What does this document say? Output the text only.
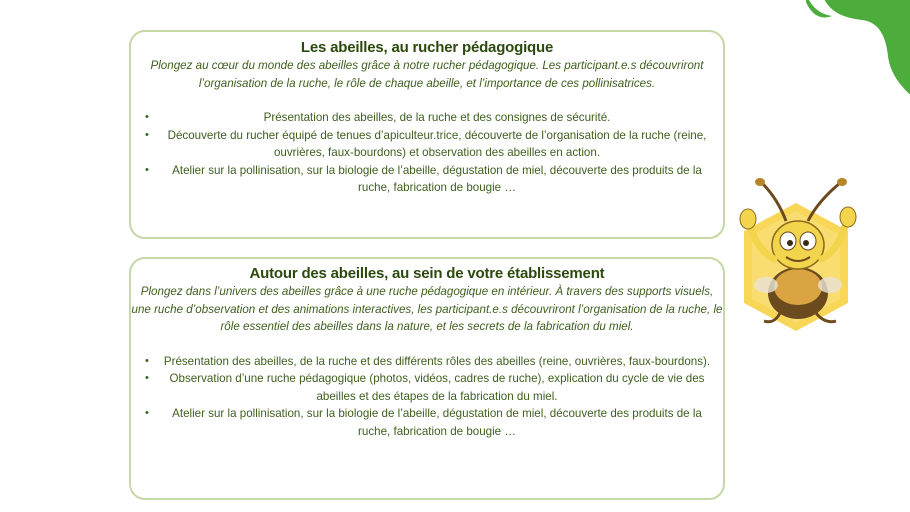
Les abeilles, au rucher pédagogique

Plongez au cœur du monde des abeilles grâce à notre rucher pédagogique. Les participant.e.s découvriront l’organisation de la ruche, le rôle de chaque abeille, et l’importance de ces pollinisatrices.

•	Présentation des abeilles, de la ruche et des consignes de sécurité.
• Découverte du rucher équipé de tenues d’apiculteur.trice, découverte de l’organisation de la ruche (reine, ouvrières, faux-bourdons) et observation des abeilles en action.
• Atelier sur la pollinisation, sur la biologie de l’abeille, dégustation de miel, découverte des produits de la ruche, fabrication de bougie …
Autour des abeilles, au sein de votre établissement

Plongez dans l’univers des abeilles grâce à une ruche pédagogique en intérieur. À travers des supports visuels, une ruche d’observation et des animations interactives, les participant.e.s découvriront l’organisation de la ruche, le rôle essentiel des abeilles dans la nature, et les secrets de la fabrication du miel.

• Présentation des abeilles, de la ruche et des différents rôles des abeilles (reine, ouvrières, faux-bourdons).
• Observation d’une ruche pédagogique (photos, vidéos, cadres de ruche), explication du cycle de vie des abeilles et des étapes de la fabrication du miel.
• Atelier sur la pollinisation, sur la biologie de l’abeille, dégustation de miel, découverte des produits de la ruche, fabrication de bougie …
